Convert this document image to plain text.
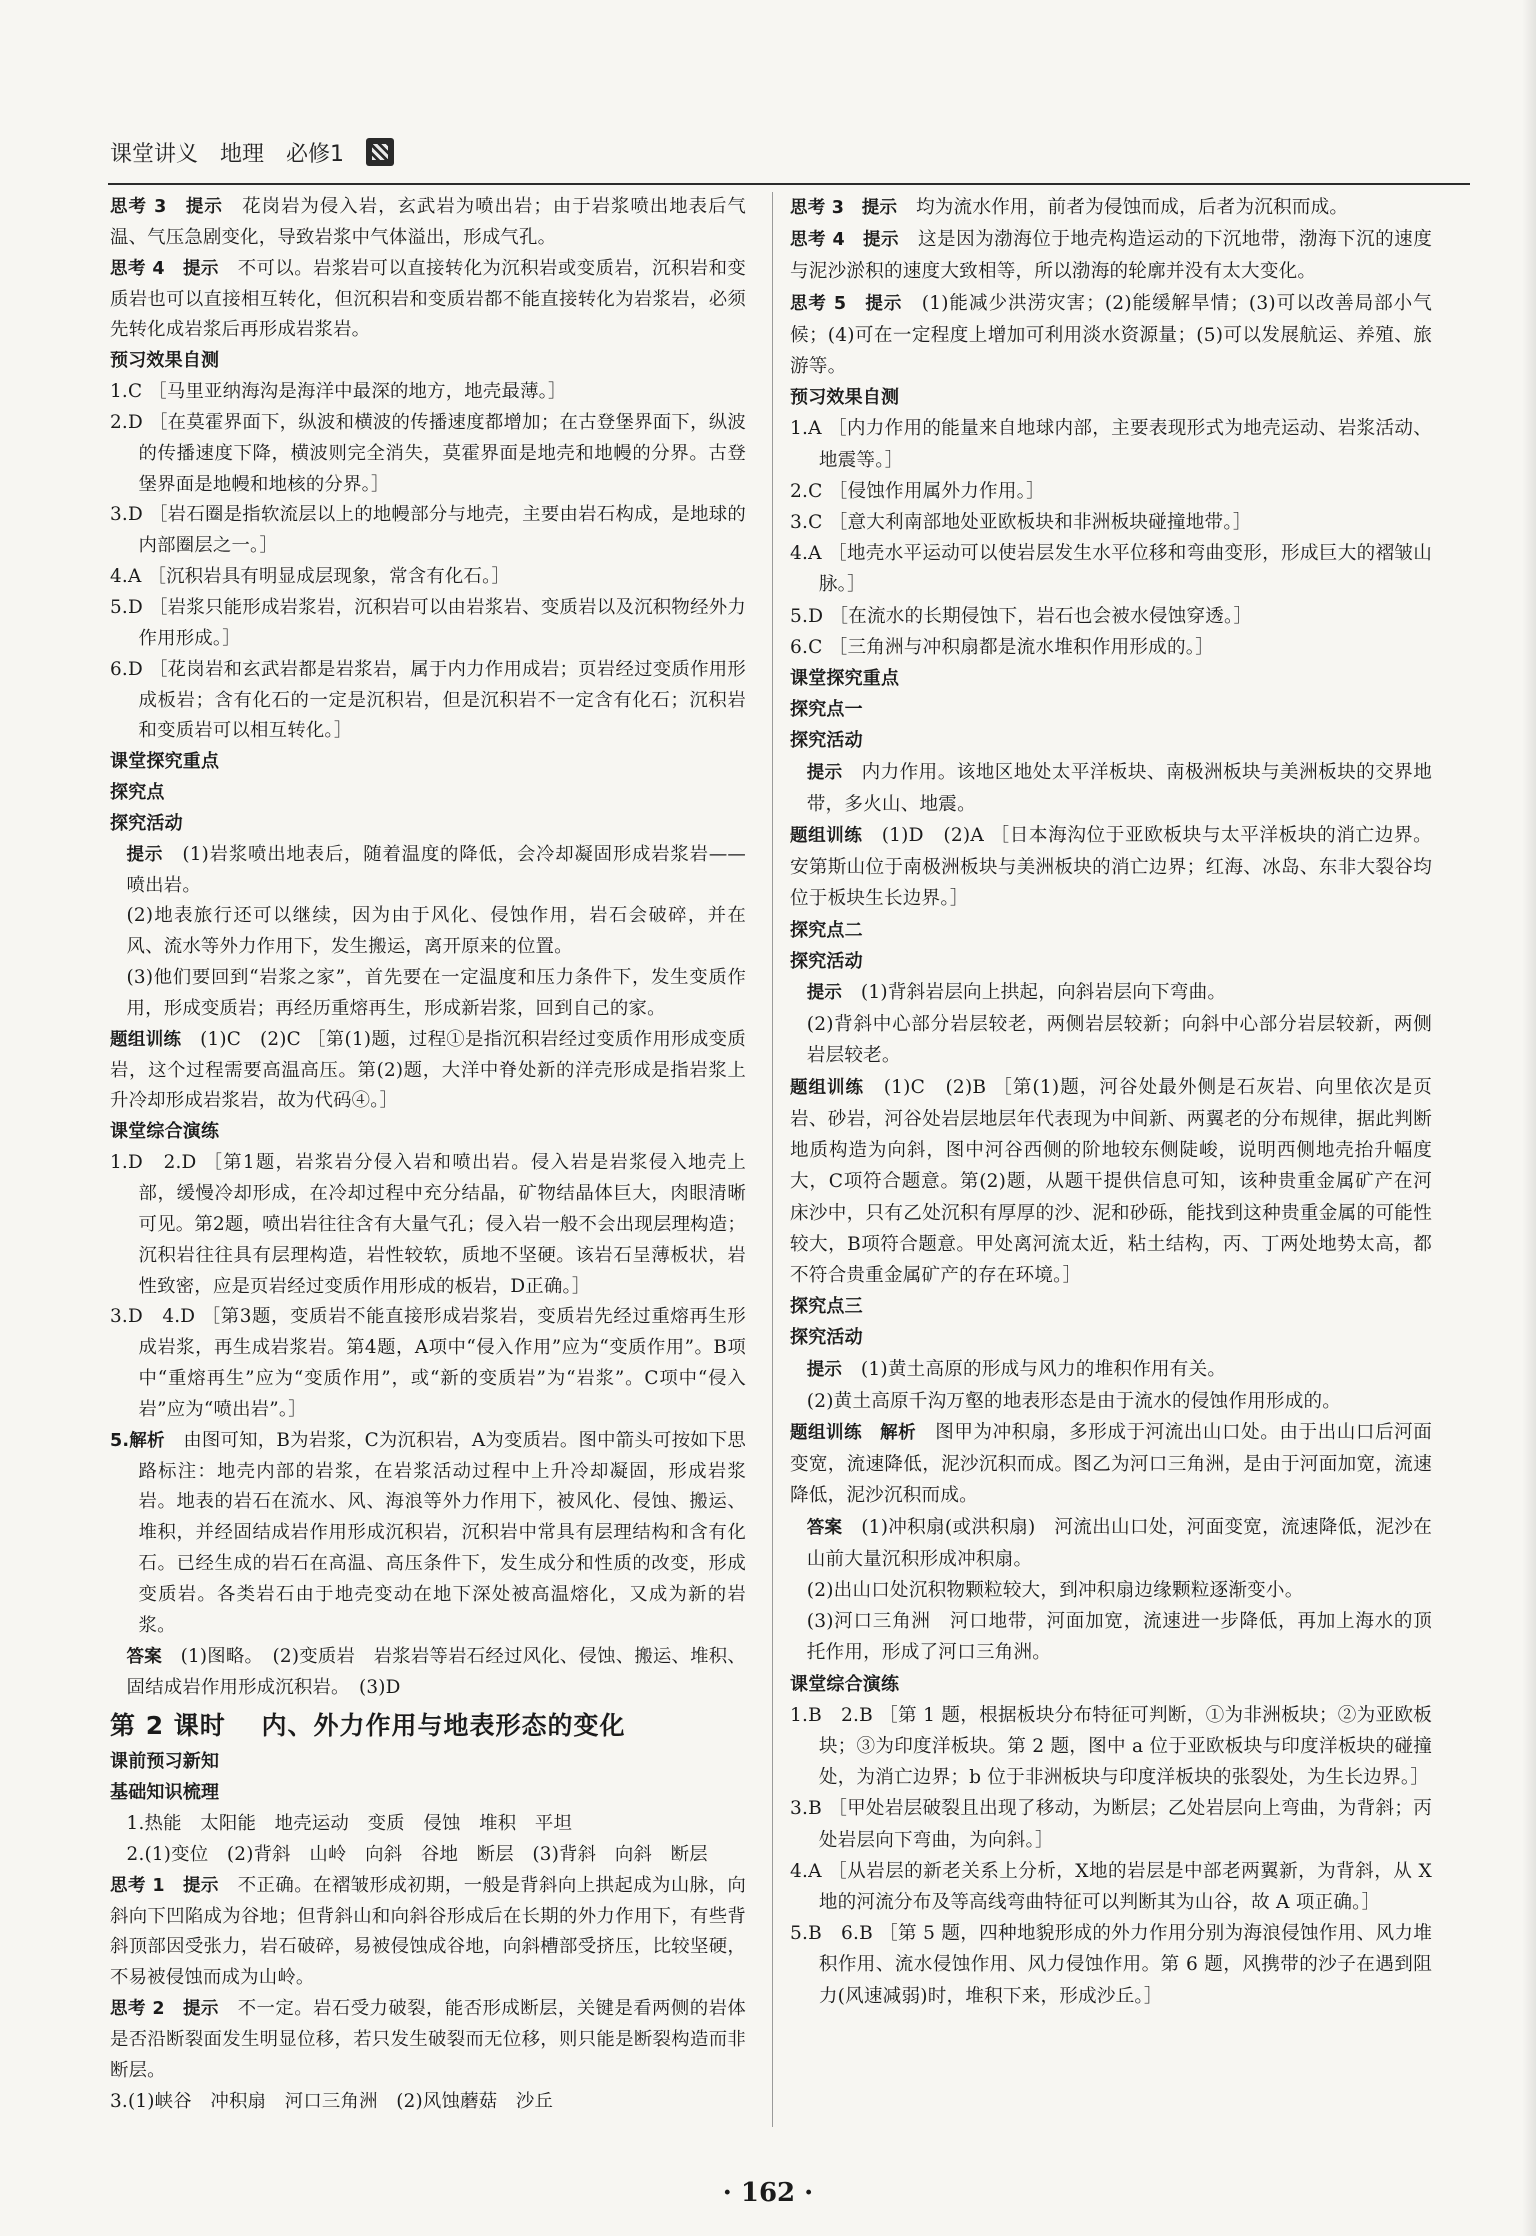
课堂讲义 地理 必修1

思考 3　提示　花岗岩为侵入岩，玄武岩为喷出岩；由于岩浆喷出地表后气温、气压急剧变化，导致岩浆中气体溢出，形成气孔。

思考 4　提示　不可以。岩浆岩可以直接转化为沉积岩或变质岩，沉积岩和变质岩也可以直接相互转化，但沉积岩和变质岩都不能直接转化为岩浆岩，必须先转化成岩浆后再形成岩浆岩。

预习效果自测

1.C ［马里亚纳海沟是海洋中最深的地方，地壳最薄。］

2.D ［在莫霍界面下，纵波和横波的传播速度都增加；在古登堡界面下，纵波的传播速度下降，横波则完全消失，莫霍界面是地壳和地幔的分界。古登堡界面是地幔和地核的分界。］

3.D ［岩石圈是指软流层以上的地幔部分与地壳，主要由岩石构成，是地球的内部圈层之一。］

4.A ［沉积岩具有明显成层现象，常含有化石。］

5.D ［岩浆只能形成岩浆岩，沉积岩可以由岩浆岩、变质岩以及沉积物经外力作用形成。］

6.D ［花岗岩和玄武岩都是岩浆岩，属于内力作用成岩；页岩经过变质作用形成板岩；含有化石的一定是沉积岩，但是沉积岩不一定含有化石；沉积岩和变质岩可以相互转化。］

课堂探究重点

探究点

探究活动

提示　(1)岩浆喷出地表后，随着温度的降低，会冷却凝固形成岩浆岩——喷出岩。

(2)地表旅行还可以继续，因为由于风化、侵蚀作用，岩石会破碎，并在风、流水等外力作用下，发生搬运，离开原来的位置。

(3)他们要回到“岩浆之家”，首先要在一定温度和压力条件下，发生变质作用，形成变质岩；再经历重熔再生，形成新岩浆，回到自己的家。

题组训练　(1)C　(2)C ［第(1)题，过程①是指沉积岩经过变质作用形成变质岩，这个过程需要高温高压。第(2)题，大洋中脊处新的洋壳形成是指岩浆上升冷却形成岩浆岩，故为代码④。］

课堂综合演练

1.D　2.D ［第1题，岩浆岩分侵入岩和喷出岩。侵入岩是岩浆侵入地壳上部，缓慢冷却形成，在冷却过程中充分结晶，矿物结晶体巨大，肉眼清晰可见。第2题，喷出岩往往含有大量气孔；侵入岩一般不会出现层理构造；沉积岩往往具有层理构造，岩性较软，质地不坚硬。该岩石呈薄板状，岩性致密，应是页岩经过变质作用形成的板岩，D正确。］

3.D　4.D ［第3题，变质岩不能直接形成岩浆岩，变质岩先经过重熔再生形成岩浆，再生成岩浆岩。第4题，A项中“侵入作用”应为“变质作用”。B项中“重熔再生”应为“变质作用”，或“新的变质岩”为“岩浆”。C项中“侵入岩”应为“喷出岩”。］

5.解析　由图可知，B为岩浆，C为沉积岩，A为变质岩。图中箭头可按如下思路标注：地壳内部的岩浆，在岩浆活动过程中上升冷却凝固，形成岩浆岩。地表的岩石在流水、风、海浪等外力作用下，被风化、侵蚀、搬运、堆积，并经固结成岩作用形成沉积岩，沉积岩中常具有层理结构和含有化石。已经生成的岩石在高温、高压条件下，发生成分和性质的改变，形成变质岩。各类岩石由于地壳变动在地下深处被高温熔化，又成为新的岩浆。

答案　(1)图略。　(2)变质岩　岩浆岩等岩石经过风化、侵蚀、搬运、堆积、固结成岩作用形成沉积岩。　(3)D

第 2 课时　 内、外力作用与地表形态的变化

课前预习新知

基础知识梳理

1.热能　太阳能　地壳运动　变质　侵蚀　堆积　平坦

2.(1)变位　(2)背斜　山岭　向斜　谷地　断层　(3)背斜　向斜　断层

思考 1　提示　不正确。在褶皱形成初期，一般是背斜向上拱起成为山脉，向斜向下凹陷成为谷地；但背斜山和向斜谷形成后在长期的外力作用下，有些背斜顶部因受张力，岩石破碎，易被侵蚀成谷地，向斜槽部受挤压，比较坚硬，不易被侵蚀而成为山岭。

思考 2　提示　不一定。岩石受力破裂，能否形成断层，关键是看两侧的岩体是否沿断裂面发生明显位移，若只发生破裂而无位移，则只能是断裂构造而非断层。

3.(1)峡谷　冲积扇　河口三角洲　(2)风蚀蘑菇　沙丘

思考 3　提示　均为流水作用，前者为侵蚀而成，后者为沉积而成。

思考 4　提示　这是因为渤海位于地壳构造运动的下沉地带，渤海下沉的速度与泥沙淤积的速度大致相等，所以渤海的轮廓并没有太大变化。

思考 5　提示　(1)能减少洪涝灾害；(2)能缓解旱情；(3)可以改善局部小气候；(4)可在一定程度上增加可利用淡水资源量；(5)可以发展航运、养殖、旅游等。

预习效果自测

1.A ［内力作用的能量来自地球内部，主要表现形式为地壳运动、岩浆活动、地震等。］

2.C ［侵蚀作用属外力作用。］

3.C ［意大利南部地处亚欧板块和非洲板块碰撞地带。］

4.A ［地壳水平运动可以使岩层发生水平位移和弯曲变形，形成巨大的褶皱山脉。］

5.D ［在流水的长期侵蚀下，岩石也会被水侵蚀穿透。］

6.C ［三角洲与冲积扇都是流水堆积作用形成的。］

课堂探究重点

探究点一

探究活动

提示　内力作用。该地区地处太平洋板块、南极洲板块与美洲板块的交界地带，多火山、地震。

题组训练　(1)D　(2)A ［日本海沟位于亚欧板块与太平洋板块的消亡边界。安第斯山位于南极洲板块与美洲板块的消亡边界；红海、冰岛、东非大裂谷均位于板块生长边界。］

探究点二

探究活动

提示　(1)背斜岩层向上拱起，向斜岩层向下弯曲。

(2)背斜中心部分岩层较老，两侧岩层较新；向斜中心部分岩层较新，两侧岩层较老。

题组训练　(1)C　(2)B ［第(1)题，河谷处最外侧是石灰岩、向里依次是页岩、砂岩，河谷处岩层地层年代表现为中间新、两翼老的分布规律，据此判断地质构造为向斜，图中河谷西侧的阶地较东侧陡峻，说明西侧地壳抬升幅度大，C项符合题意。第(2)题，从题干提供信息可知，该种贵重金属矿产在河床沙中，只有乙处沉积有厚厚的沙、泥和砂砾，能找到这种贵重金属的可能性较大，B项符合题意。甲处离河流太近，粘土结构，丙、丁两处地势太高，都不符合贵重金属矿产的存在环境。］

探究点三

探究活动

提示　(1)黄土高原的形成与风力的堆积作用有关。

(2)黄土高原千沟万壑的地表形态是由于流水的侵蚀作用形成的。

题组训练　解析　图甲为冲积扇，多形成于河流出山口处。由于出山口后河面变宽，流速降低，泥沙沉积而成。图乙为河口三角洲，是由于河面加宽，流速降低，泥沙沉积而成。

答案　(1)冲积扇(或洪积扇)　河流出山口处，河面变宽，流速降低，泥沙在山前大量沉积形成冲积扇。

(2)出山口处沉积物颗粒较大，到冲积扇边缘颗粒逐渐变小。

(3)河口三角洲　河口地带，河面加宽，流速进一步降低，再加上海水的顶托作用，形成了河口三角洲。

课堂综合演练

1.B　2.B ［第 1 题，根据板块分布特征可判断，①为非洲板块；②为亚欧板块；③为印度洋板块。第 2 题，图中 a 位于亚欧板块与印度洋板块的碰撞处，为消亡边界；b 位于非洲板块与印度洋板块的张裂处，为生长边界。］

3.B ［甲处岩层破裂且出现了移动，为断层；乙处岩层向上弯曲，为背斜；丙处岩层向下弯曲，为向斜。］

4.A ［从岩层的新老关系上分析，X地的岩层是中部老两翼新，为背斜，从 X 地的河流分布及等高线弯曲特征可以判断其为山谷，故 A 项正确。］

5.B　6.B ［第 5 题，四种地貌形成的外力作用分别为海浪侵蚀作用、风力堆积作用、流水侵蚀作用、风力侵蚀作用。第 6 题，风携带的沙子在遇到阻力(风速减弱)时，堆积下来，形成沙丘。］

· 162 ·
